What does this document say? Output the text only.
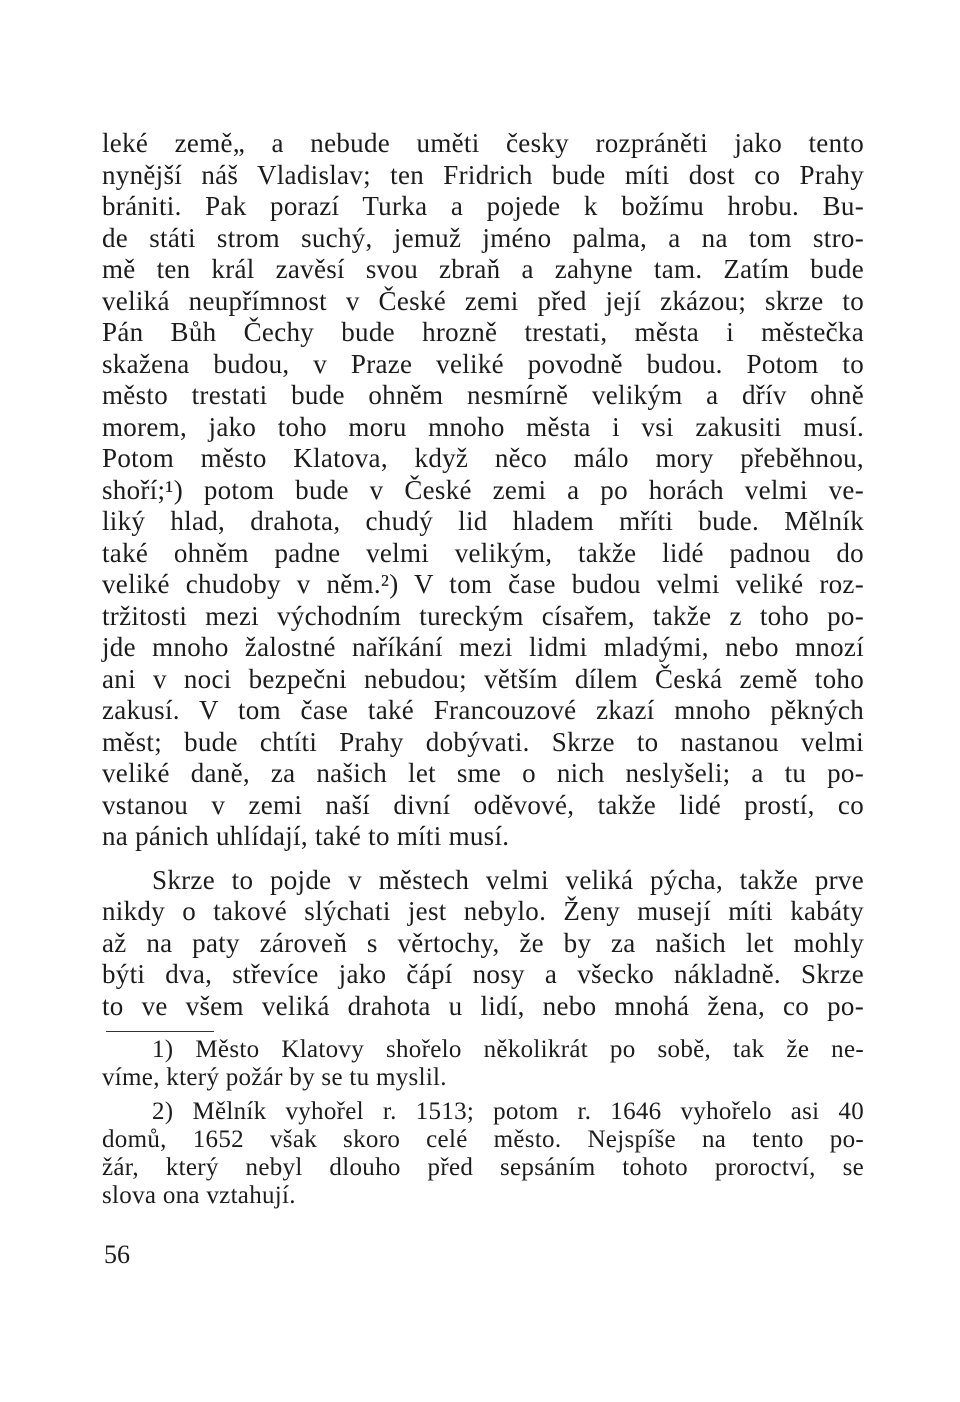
leké země„ a nebude uměti česky rozpráněti jako tento
nynější náš Vladislav; ten Fridrich bude míti dost co Prahy
brániti. Pak porazí Turka a pojede k božímu hrobu. Bu-
de státi strom suchý, jemuž jméno palma, a na tom stro-
mě ten král zavěsí svou zbraň a zahyne tam. Zatím bude
veliká neupřímnost v České zemi před její zkázou; skrze to
Pán Bůh Čechy bude hrozně trestati, města i městečka
skažena budou, v Praze veliké povodně budou. Potom to
město trestati bude ohněm nesmírně velikým a dřív ohně
morem, jako toho moru mnoho města i vsi zakusiti musí.
Potom město Klatova, když něco málo mory přeběhnou,
shoří;¹) potom bude v České zemi a po horách velmi ve-
liký hlad, drahota, chudý lid hladem mříti bude. Mělník
také ohněm padne velmi velikým, takže lidé padnou do
veliké chudoby v něm.²) V tom čase budou velmi veliké roz-
tržitosti mezi východním tureckým císařem, takže z toho po-
jde mnoho žalostné naříkání mezi lidmi mladými, nebo mnozí
ani v noci bezpečni nebudou; větším dílem Česká země toho
zakusí. V tom čase také Francouzové zkazí mnoho pěkných
měst; bude chtíti Prahy dobývati. Skrze to nastanou velmi
veliké daně, za našich let sme o nich neslyšeli; a tu po-
vstanou v zemi naší divní oděvové, takže lidé prostí, co
na pánich uhlídají, také to míti musí.
Skrze to pojde v městech velmi veliká pýcha, takže prve
nikdy o takové slýchati jest nebylo. Ženy musejí míti kabáty
až na paty zároveň s věrtochy, že by za našich let mohly
býti dva, střevíce jako čápí nosy a všecko nákladně. Skrze
to ve všem veliká drahota u lidí, nebo mnohá žena, co po-
1) Město Klatovy shořelo několikrát po sobě, tak že ne-
víme, který požár by se tu myslil.
2) Mělník vyhořel r. 1513; potom r. 1646 vyhořelo asi 40
domů, 1652 však skoro celé město. Nejspíše na tento po-
žár, který nebyl dlouho před sepsáním tohoto proroctví, se
slova ona vztahují.
56
